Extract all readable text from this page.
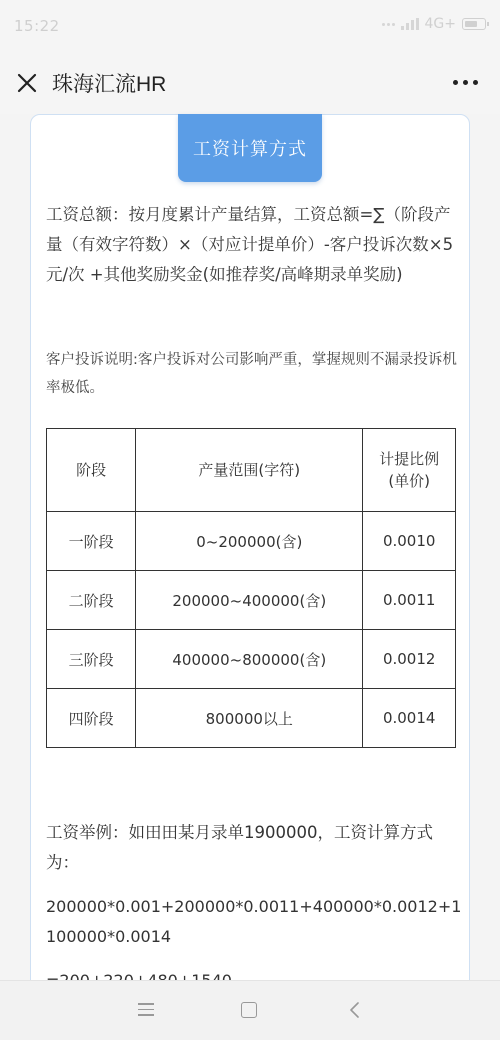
15:22	4G+
珠海汇流HR
工资计算方式

工资总额：按月度累计产量结算，工资总额=∑（阶段产量（有效字符数）×（对应计提单价）-客户投诉次数×5元/次 +其他奖励奖金(如推荐奖/高峰期录单奖励)

客户投诉说明:客户投诉对公司影响严重，掌握规则不漏录投诉机率极低。

阶段	产量范围(字符)	计提比例(单价)
一阶段	0~200000(含)	0.0010
二阶段	200000~400000(含)	0.0011
三阶段	400000~800000(含)	0.0012
四阶段	800000以上	0.0014

工资举例：如田田某月录单1900000，工资计算方式为：

200000*0.001+200000*0.0011+400000*0.0012+1100000*0.0014
